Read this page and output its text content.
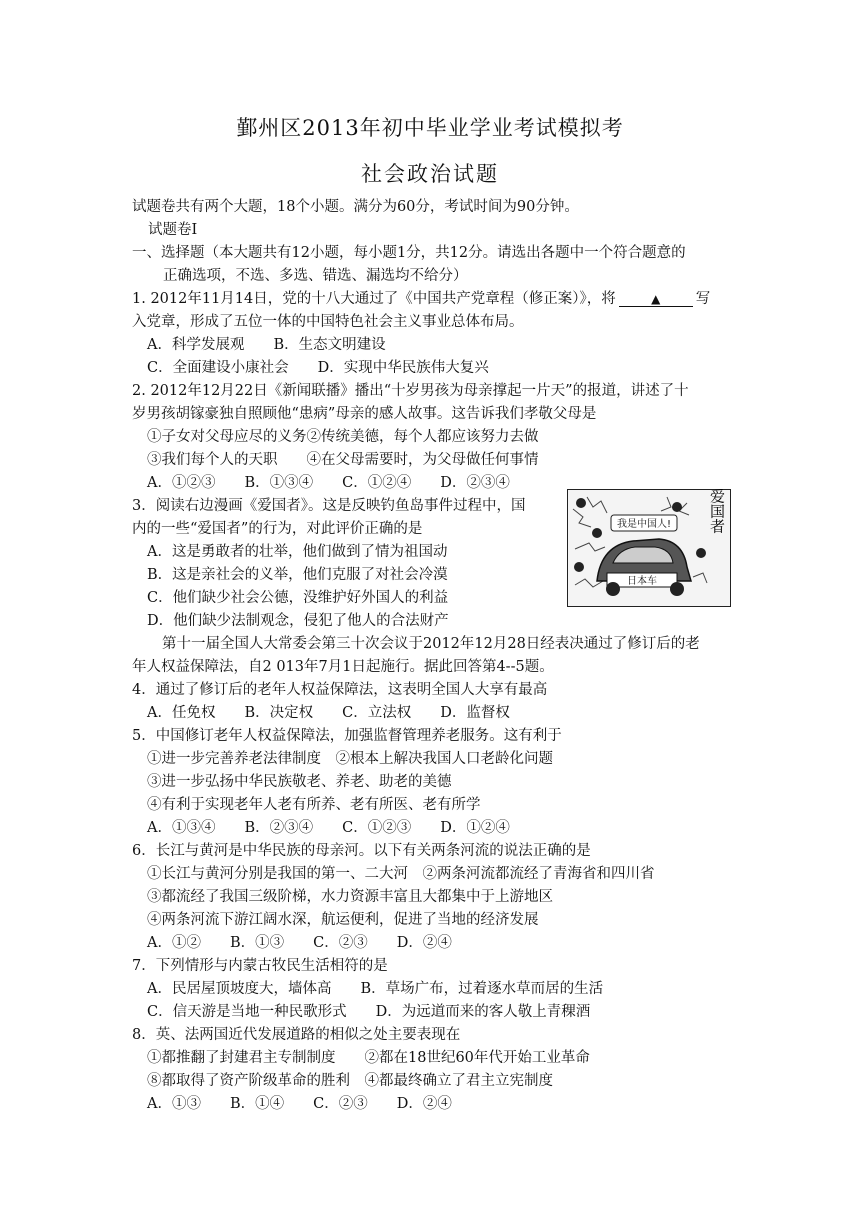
鄞州区2013年初中毕业学业考试模拟考
社会政治试题
试题卷共有两个大题，18个小题。满分为60分，考试时间为90分钟。
试题卷Ⅰ
一、选择题（本大题共有12小题，每小题1分，共12分。请选出各题中一个符合题意的
正确选项，不选、多选、错选、漏选均不给分）
1. 2012年11月14日，党的十八大通过了《中国共产党章程（修正案）》，将	▲ 写
入党章，形成了五位一体的中国特色社会主义事业总体布局。
A．科学发展观　　B．生态文明建设
C．全面建设小康社会　　D．实现中华民族伟大复兴
2. 2012年12月22日《新闻联播》播出“十岁男孩为母亲撑起一片天”的报道，讲述了十
岁男孩胡镓豪独自照顾他“患病”母亲的感人故事。这告诉我们孝敬父母是
①子女对父母应尽的义务②传统美德，每个人都应该努力去做
③我们每个人的天职　　④在父母需要时，为父母做任何事情
A．①②③　　B．①③④　　C．①②④　　D．②③④
3．阅读右边漫画《爱国者》。这是反映钓鱼岛事件过程中，国
内的一些“爱国者”的行为，对此评价正确的是
A．这是勇敢者的壮举，他们做到了情为祖国动
B．这是亲社会的义举，他们克服了对社会冷漠
C．他们缺少社会公德，没维护好外国人的利益
D．他们缺少法制观念，侵犯了他人的合法财产
我是中国人!
日本车
爱国者
第十一届全国人大常委会第三十次会议于2012年12月28日经表决通过了修订后的老
年人权益保障法，自2 013年7月1日起施行。据此回答第4--5题。
4．通过了修订后的老年人权益保障法，这表明全国人大享有最高
A．任免权　　B．决定权　　C．立法权　　D．监督权
5．中国修订老年人权益保障法，加强监督管理养老服务。这有利于
①进一步完善养老法律制度　②根本上解决我国人口老龄化问题
③进一步弘扬中华民族敬老、养老、助老的美德
④有利于实现老年人老有所养、老有所医、老有所学
A．①③④　　B．②③④　　C．①②③　　D．①②④
6．长江与黄河是中华民族的母亲河。以下有关两条河流的说法正确的是
①长江与黄河分别是我国的第一、二大河　②两条河流都流经了青海省和四川省
③都流经了我国三级阶梯，水力资源丰富且大都集中于上游地区
④两条河流下游江阔水深，航运便利，促进了当地的经济发展
A．①②　　B．①③　　C．②③　　D．②④
7．下列情形与内蒙古牧民生活相符的是
A．民居屋顶坡度大，墙体高　　B．草场广布，过着逐水草而居的生活
C．信天游是当地一种民歌形式　　D．为远道而来的客人敬上青稞酒
8．英、法两国近代发展道路的相似之处主要表现在
①都推翻了封建君主专制制度　　②都在18世纪60年代开始工业革命
⑧都取得了资产阶级革命的胜利　④都最终确立了君主立宪制度
A．①③　　B．①④　　C．②③　　D．②④
